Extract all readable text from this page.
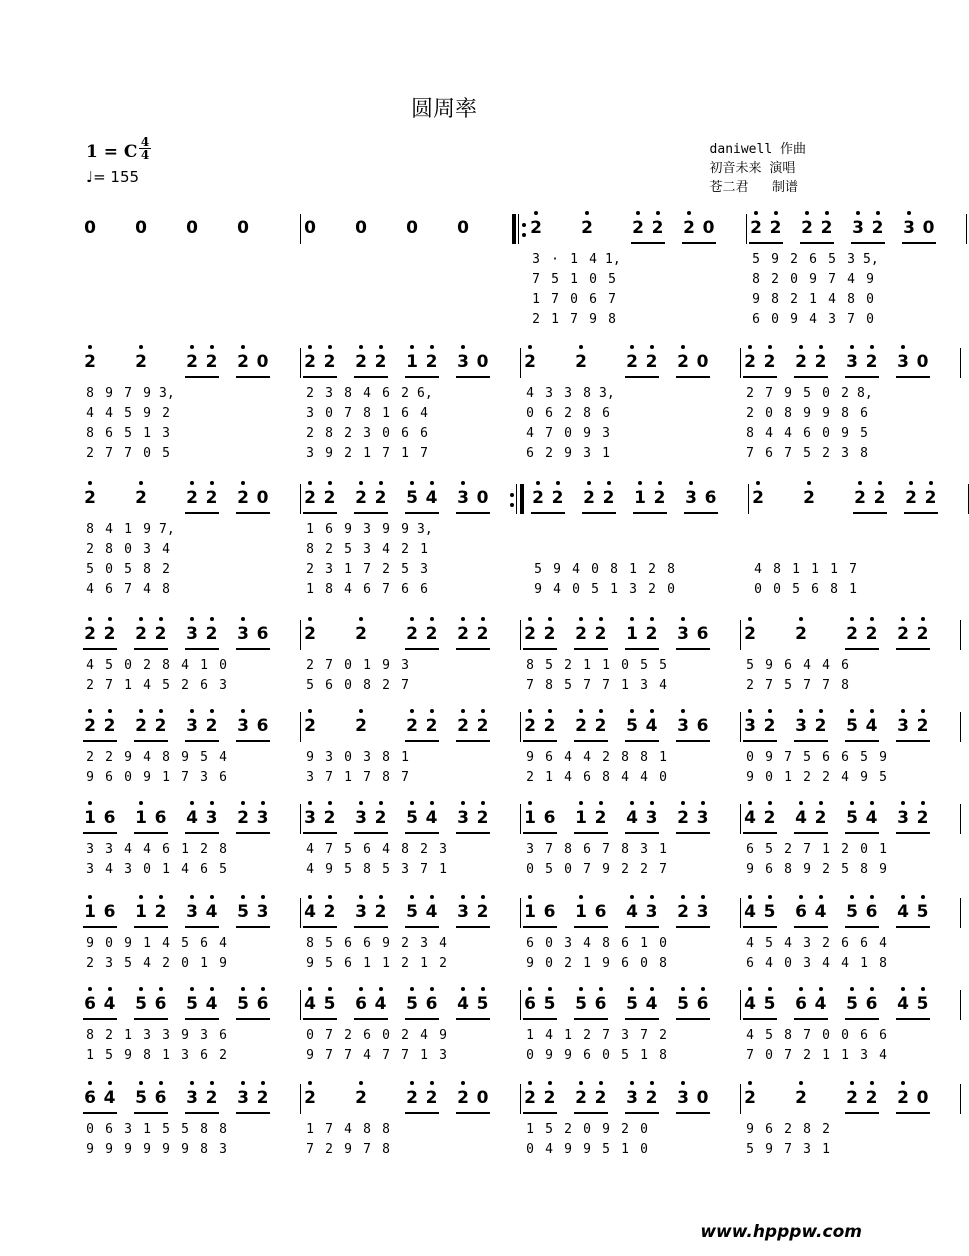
圆周率
1 = C 4
4
♩= 155
daniwell 作曲
初音未来 演唱
苍二君   制谱
0 0 0 0	0 0 0 0	2 2 2 2 2 0 2 2 2 2 3 2 3 0
3 · 1 4 1,	5 9 2 6 5 3 5,
7 5 1 0 5	8 2 0 9 7 4 9
1 7 0 6 7	9 8 2 1 4 8 0
2 1 7 9 8	6 0 9 4 3 7 0
2 2 2 2 2 0 2 2 2 2 1 2 3 0 2 2 2 2 2 0 2 2 2 2 3 2 3 0
8 9 7 9 3,	2 3 8 4 6 2 6,	4 3 3 8 3,	2 7 9 5 0 2 8,
4 4 5 9 2	3 0 7 8 1 6 4	0 6 2 8 6	2 0 8 9 9 8 6
8 6 5 1 3	2 8 2 3 0 6 6	4 7 0 9 3	8 4 4 6 0 9 5
2 7 7 0 5	3 9 2 1 7 1 7	6 2 9 3 1	7 6 7 5 2 3 8
2 2 2 2 2 0 2 2 2 2 5 4 3 0	2 2 2 2 1 2 3 6 2 2 2 2 2 2
8 4 1 9 7,	1 6 9 3 9 9 3,
2 8 0 3 4	8 2 5 3 4 2 1
5 0 5 8 2	2 3 1 7 2 5 3	5 9 4 0 8 1 2 8	4 8 1 1 1 7
4 6 7 4 8	1 8 4 6 7 6 6	9 4 0 5 1 3 2 0	0 0 5 6 8 1
2 2 2 2 3 2 3 6 2 2 2 2 2 2 2 2 2 2 1 2 3 6 2 2 2 2 2 2
4 5 0 2 8 4 1 0	2 7 0 1 9 3	8 5 2 1 1 0 5 5	5 9 6 4 4 6
2 7 1 4 5 2 6 3	5 6 0 8 2 7	7 8 5 7 7 1 3 4	2 7 5 7 7 8
2 2 2 2 3 2 3 6 2 2 2 2 2 2 2 2 2 2 5 4 3 6 3 2 3 2 5 4 3 2
2 2 9 4 8 9 5 4	9 3 0 3 8 1	9 6 4 4 2 8 8 1	0 9 7 5 6 6 5 9
9 6 0 9 1 7 3 6	3 7 1 7 8 7	2 1 4 6 8 4 4 0	9 0 1 2 2 4 9 5
1 6 1 6 4 3 2 3 3 2 3 2 5 4 3 2 1 6 1 2 4 3 2 3 4 2 4 2 5 4 3 2
3 3 4 4 6 1 2 8	4 7 5 6 4 8 2 3	3 7 8 6 7 8 3 1	6 5 2 7 1 2 0 1
3 4 3 0 1 4 6 5	4 9 5 8 5 3 7 1	0 5 0 7 9 2 2 7	9 6 8 9 2 5 8 9
1 6 1 2 3 4 5 3 4 2 3 2 5 4 3 2 1 6 1 6 4 3 2 3 4 5 6 4 5 6 4 5
9 0 9 1 4 5 6 4	8 5 6 6 9 2 3 4	6 0 3 4 8 6 1 0	4 5 4 3 2 6 6 4
2 3 5 4 2 0 1 9	9 5 6 1 1 2 1 2	9 0 2 1 9 6 0 8	6 4 0 3 4 4 1 8
6 4 5 6 5 4 5 6 4 5 6 4 5 6 4 5 6 5 5 6 5 4 5 6 4 5 6 4 5 6 4 5
8 2 1 3 3 9 3 6	0 7 2 6 0 2 4 9	1 4 1 2 7 3 7 2	4 5 8 7 0 0 6 6
1 5 9 8 1 3 6 2	9 7 7 4 7 7 1 3	0 9 9 6 0 5 1 8	7 0 7 2 1 1 3 4
6 4 5 6 3 2 3 2 2 2 2 2 2 0 2 2 2 2 3 2 3 0 2 2 2 2 2 0
0 6 3 1 5 5 8 8	1 7 4 8 8	1 5 2 0 9 2 0	9 6 2 8 2
9 9 9 9 9 9 8 3	7 2 9 7 8	0 4 9 9 5 1 0	5 9 7 3 1
www.hpppw.com
